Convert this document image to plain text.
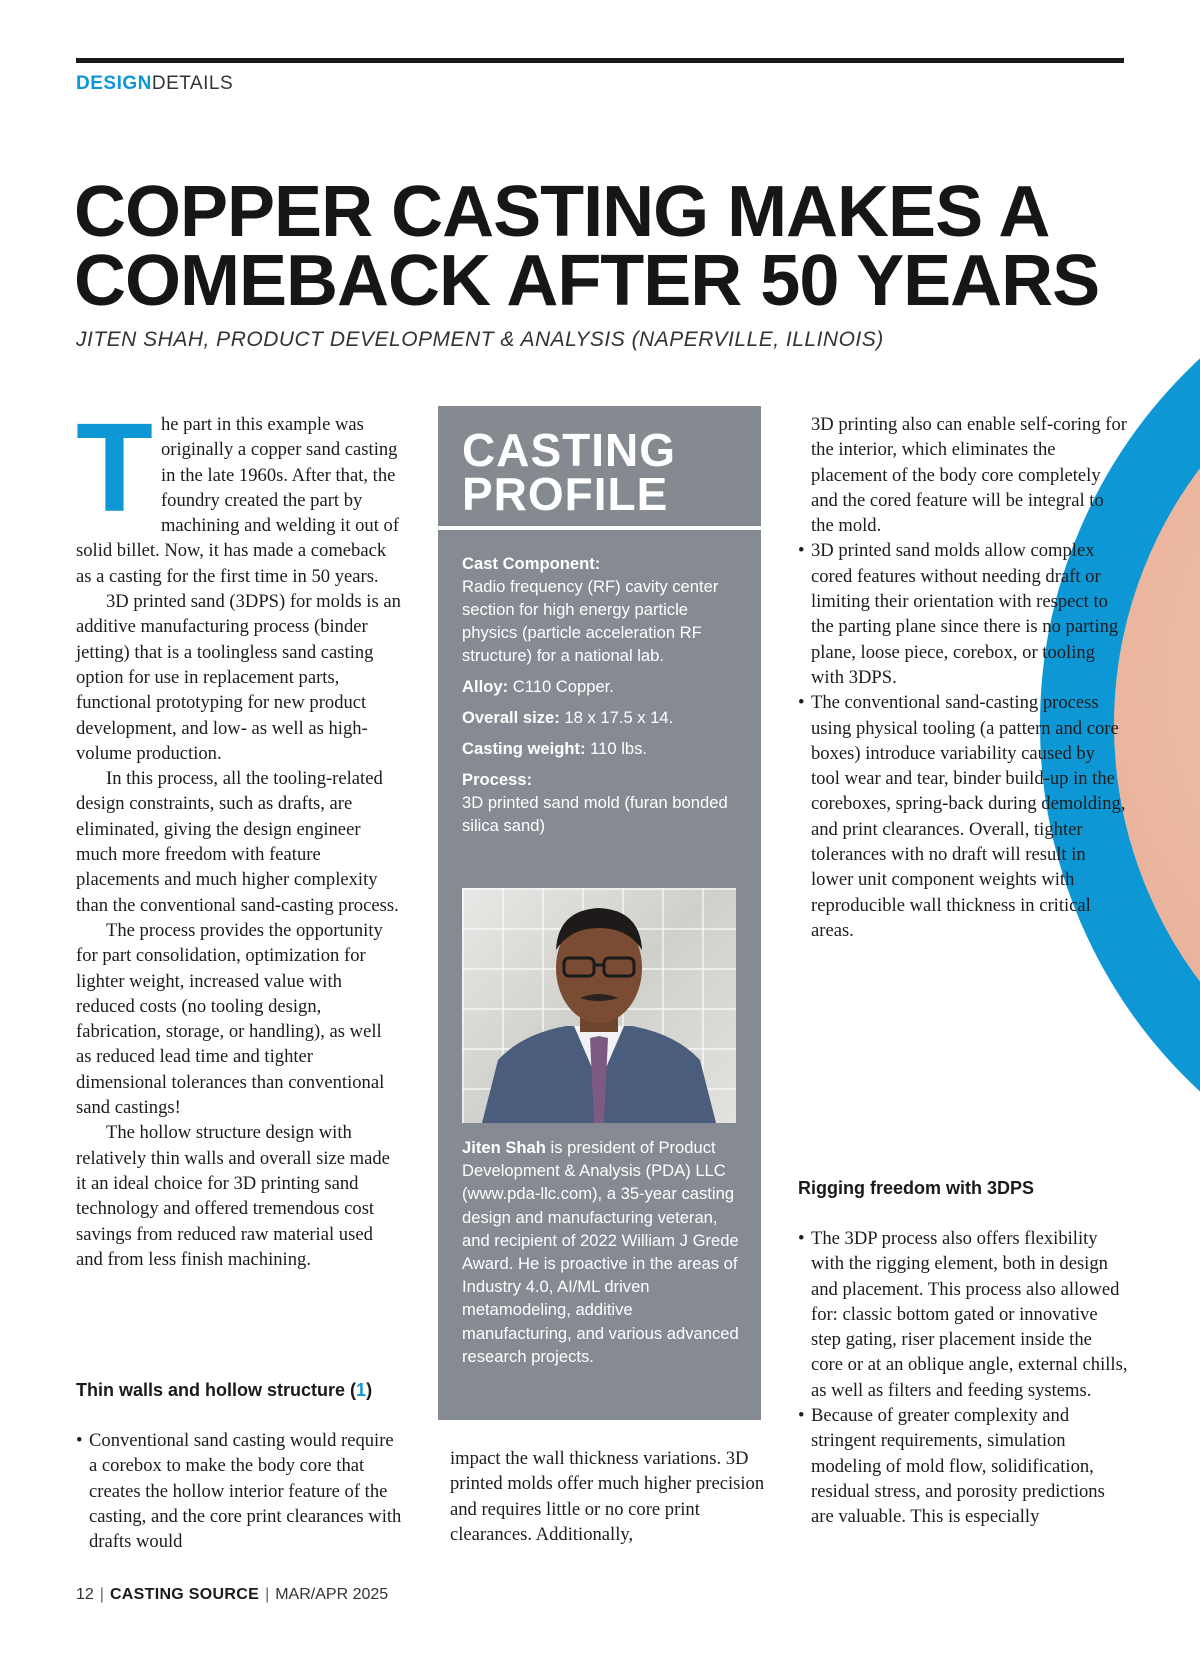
DESIGNDETAILS
COPPER CASTING MAKES A
COMEBACK AFTER 50 YEARS
JITEN SHAH, PRODUCT DEVELOPMENT & ANALYSIS (NAPERVILLE, ILLINOIS)

The part in this example was originally a copper sand casting in the late 1960s. After that, the foundry created the part by machining and welding it out of solid billet. Now, it has made a comeback as a casting for the first time in 50 years.

3D printed sand (3DPS) for molds is an additive manufacturing process (binder jetting) that is a toolingless sand casting option for use in replacement parts, functional prototyping for new product development, and low- as well as high-volume production.

In this process, all the tooling-related design constraints, such as drafts, are eliminated, giving the design engineer much more freedom with feature placements and much higher complexity than the conventional sand-casting process.

The process provides the opportunity for part consolidation, optimization for lighter weight, increased value with reduced costs (no tooling design, fabrication, storage, or handling), as well as reduced lead time and tighter dimensional tolerances than conventional sand castings!

The hollow structure design with relatively thin walls and overall size made it an ideal choice for 3D printing sand technology and offered tremendous cost savings from reduced raw material used and from less finish machining.

Thin walls and hollow structure (1)
• Conventional sand casting would require a corebox to make the body core that creates the hollow interior feature of the casting, and the core print clearances with drafts would

CASTING
PROFILE

Cast Component:
Radio frequency (RF) cavity center section for high energy particle physics (particle acceleration RF structure) for a national lab.
Alloy: C110 Copper.
Overall size: 18 x 17.5 x 14.
Casting weight: 110 lbs.
Process:
3D printed sand mold (furan bonded silica sand)
Jiten Shah is president of Product Development & Analysis (PDA) LLC (www.pda-llc.com), a 35-year casting design and manufacturing veteran, and recipient of 2022 William J Grede Award. He is proactive in the areas of Industry 4.0, AI/ML driven metamodeling, additive manufacturing, and various advanced research projects.

impact the wall thickness variations. 3D printed molds offer much higher precision and requires little or no core print clearances. Additionally,

3D printing also can enable self-coring for the interior, which eliminates the placement of the body core completely and the cored feature will be integral to the mold.

• 3D printed sand molds allow complex cored features without needing draft or limiting their orientation with respect to the parting plane since there is no parting plane, loose piece, corebox, or tooling with 3DPS.
• The conventional sand-casting process using physical tooling (a pattern and core boxes) introduce variability caused by tool wear and tear, binder build-up in the coreboxes, spring-back during demolding, and print clearances. Overall, tighter tolerances with no draft will result in lower unit component weights with reproducible wall thickness in critical areas.
Rigging freedom with 3DPS
• The 3DP process also offers flexibility with the rigging element, both in design and placement. This process also allowed for: classic bottom gated or innovative step gating, riser placement inside the core or at an oblique angle, external chills, as well as filters and feeding systems.
• Because of greater complexity and stringent requirements, simulation modeling of mold flow, solidification, residual stress, and porosity predictions are valuable. This is especially
12 | CASTING SOURCE | MAR/APR 2025
